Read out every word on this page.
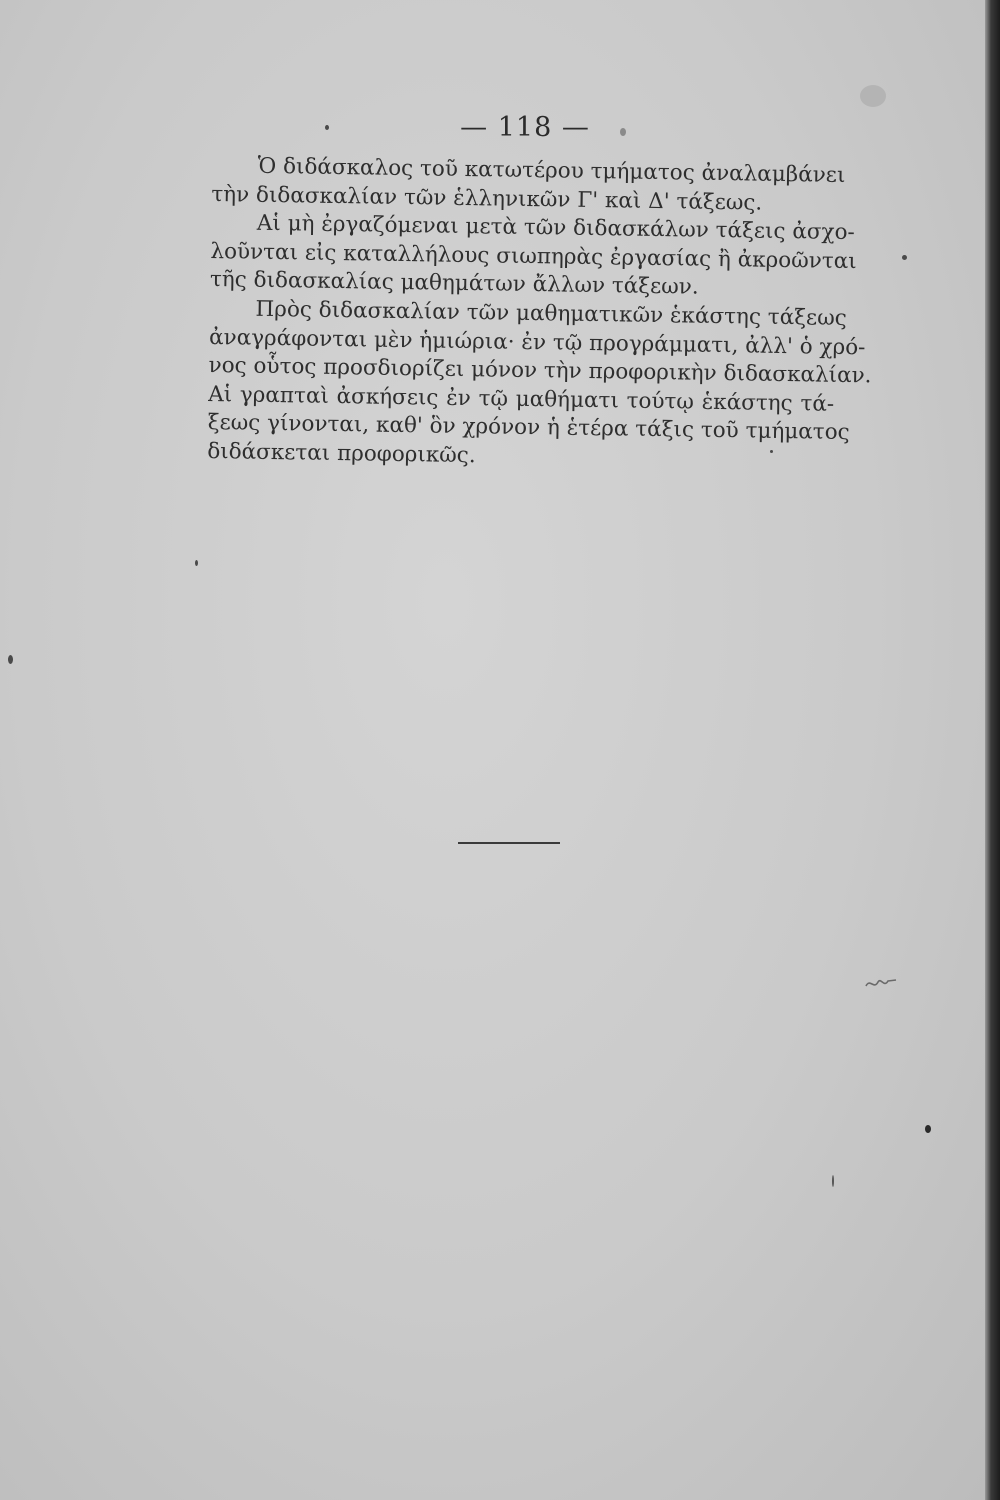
— 118 —
Ὁ διδάσκαλος τοῦ κατωτέρου τμήματος ἀναλαμβάνει
τὴν διδασκαλίαν τῶν ἑλληνικῶν Γ' καὶ Δ' τάξεως.
Αἱ μὴ ἐργαζόμεναι μετὰ τῶν διδασκάλων τάξεις ἀσχο-
λοῦνται εἰς καταλλήλους σιωπηρὰς ἐργασίας ἢ ἀκροῶνται
τῆς διδασκαλίας μαθημάτων ἄλλων τάξεων.
Πρὸς διδασκαλίαν τῶν μαθηματικῶν ἑκάστης τάξεως
ἀναγράφονται μὲν ἡμιώρια· ἐν τῷ προγράμματι, ἀλλ' ὁ χρό-
νος οὗτος προσδιορίζει μόνον τὴν προφορικὴν διδασκαλίαν.
Αἱ γραπταὶ ἀσκήσεις ἐν τῷ μαθήματι τούτῳ ἑκάστης τά-
ξεως γίνονται, καθ' ὃν χρόνον ἡ ἑτέρα τάξις τοῦ τμήματος
διδάσκεται προφορικῶς.
